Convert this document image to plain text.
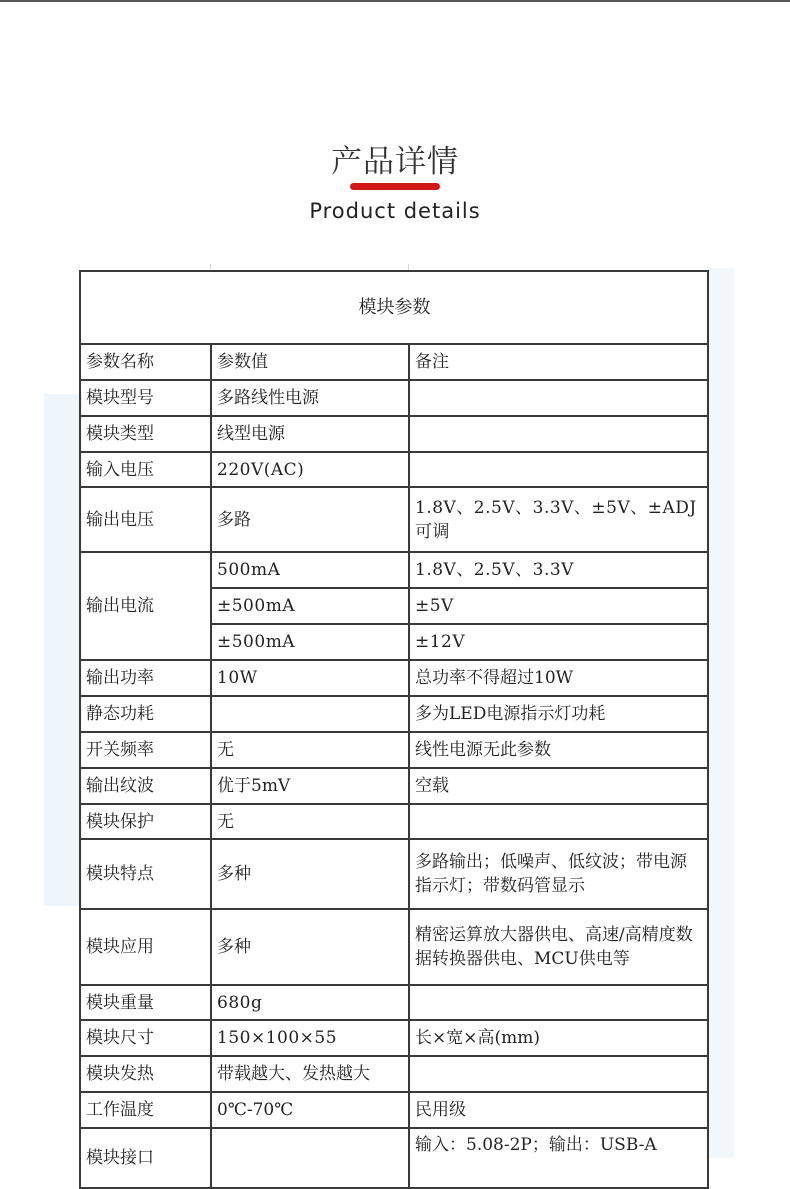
产品详情
Product details
模块参数		
参数名称	参数值	备注
模块型号	多路线性电源	
模块类型	线型电源	
输入电压	220V(AC)	
输出电压	多路	1.8V、2.5V、3.3V、±5V、±ADJ可调
输出电流	500mA	1.8V、2.5V、3.3V
	±500mA	±5V
	±500mA	±12V
输出功率	10W	总功率不得超过10W
静态功耗		多为LED电源指示灯功耗
开关频率	无	线性电源无此参数
输出纹波	优于5mV	空载
模块保护	无	
模块特点	多种	多路输出；低噪声、低纹波；带电源指示灯；带数码管显示
模块应用	多种	精密运算放大器供电、高速/高精度数据转换器供电、MCU供电等
模块重量	680g	
模块尺寸	150×100×55	长×宽×高(mm)
模块发热	带载越大、发热越大	
工作温度	0℃-70℃	民用级
模块接口		输入：5.08-2P；输出：USB-A
